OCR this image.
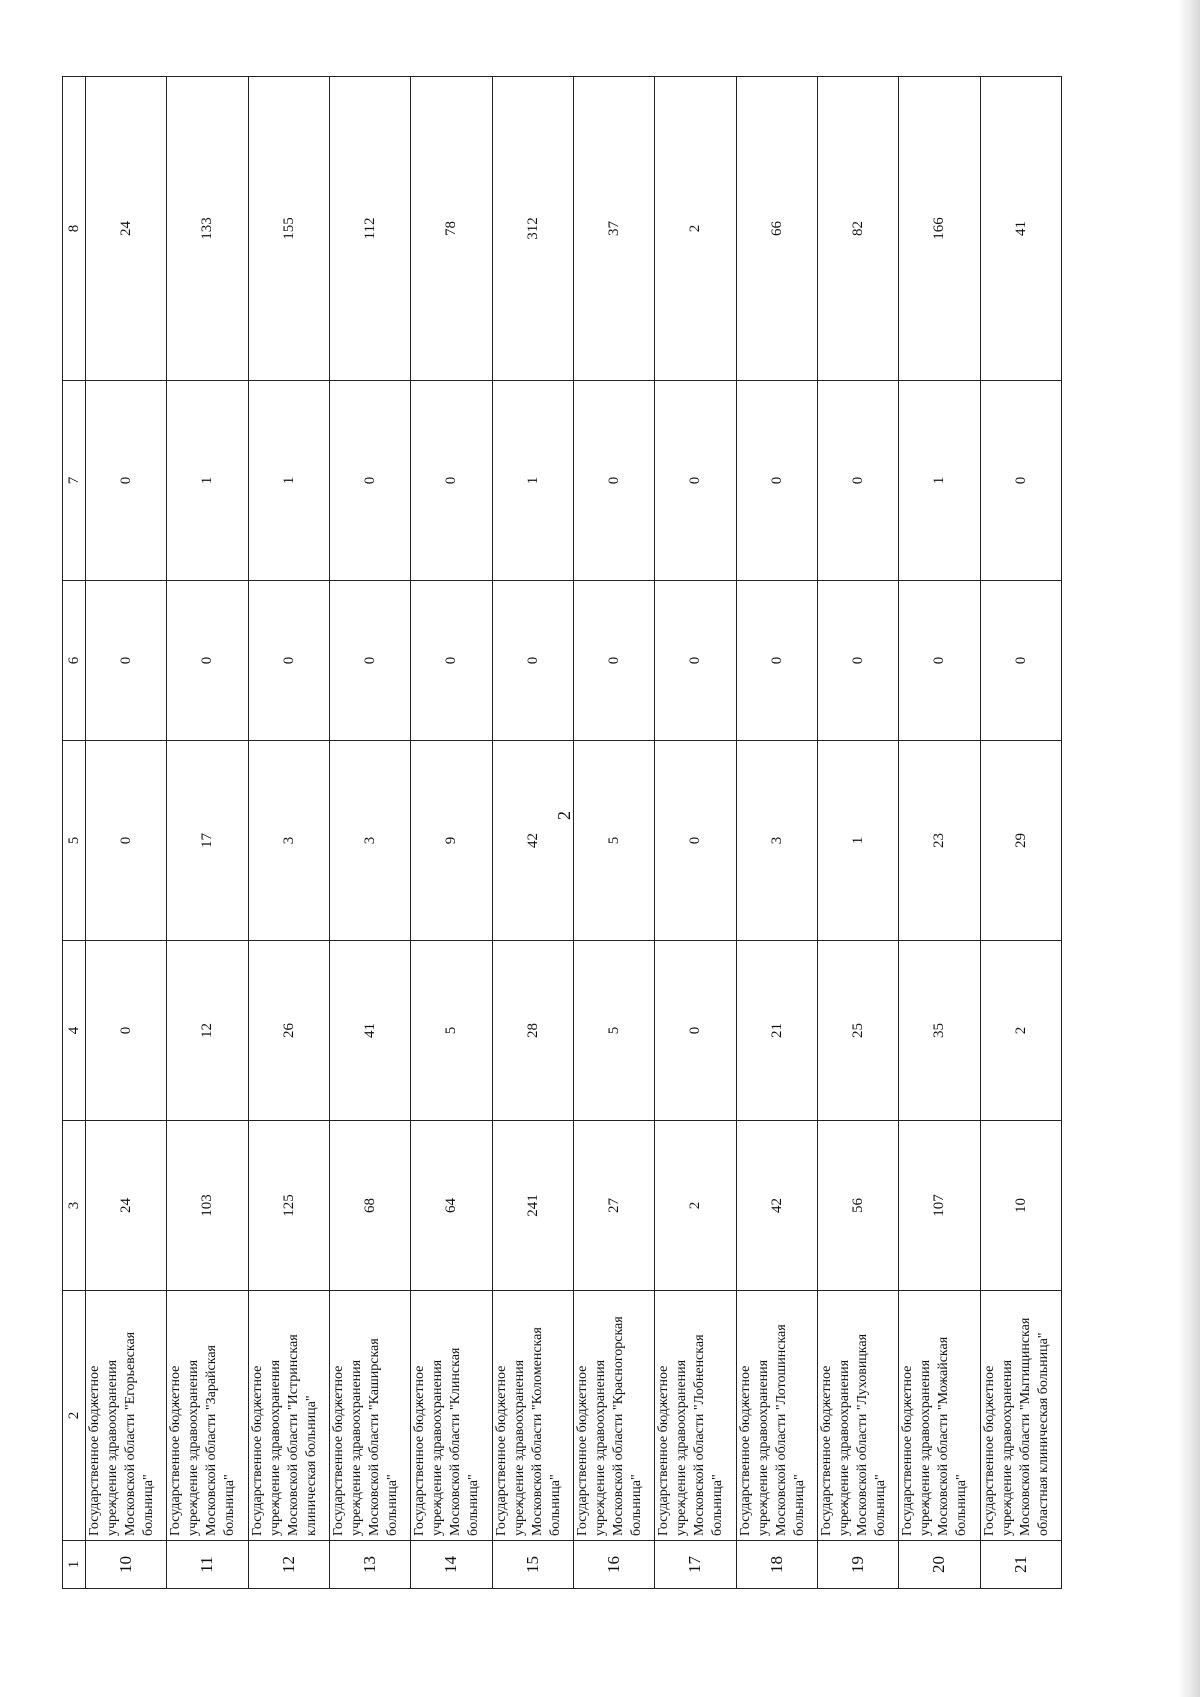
2
1	2	3	4	5	6	7	8
10	Государственное бюджетное учреждение здравоохранения Московской области "Егорьевская больница"	24	0	0	0	0	24
11	Государственное бюджетное учреждение здравоохранения Московской области "Зарайская больница"	103	12	17	0	1	133
12	Государственное бюджетное учреждение здравоохранения Московской области "Истринская клиническая больница"	125	26	3	0	1	155
13	Государственное бюджетное учреждение здравоохранения Московской области "Каширская больница"	68	41	3	0	0	112
14	Государственное бюджетное учреждение здравоохранения Московской области "Клинская больница"	64	5	9	0	0	78
15	Государственное бюджетное учреждение здравоохранения Московской области "Коломенская больница"	241	28	42	0	1	312
16	Государственное бюджетное учреждение здравоохранения Московской области "Красногорская больница"	27	5	5	0	0	37
17	Государственное бюджетное учреждение здравоохранения Московской области "Лобненская больница"	2	0	0	0	0	2
18	Государственное бюджетное учреждение здравоохранения Московской области "Лотошинская больница"	42	21	3	0	0	66
19	Государственное бюджетное учреждение здравоохранения Московской области "Луховицкая больница"	56	25	1	0	0	82
20	Государственное бюджетное учреждение здравоохранения Московской области "Можайская больница"	107	35	23	0	1	166
21	Государственное бюджетное учреждение здравоохранения Московской области "Мытищинская областная клиническая больница"	10	2	29	0	0	41
